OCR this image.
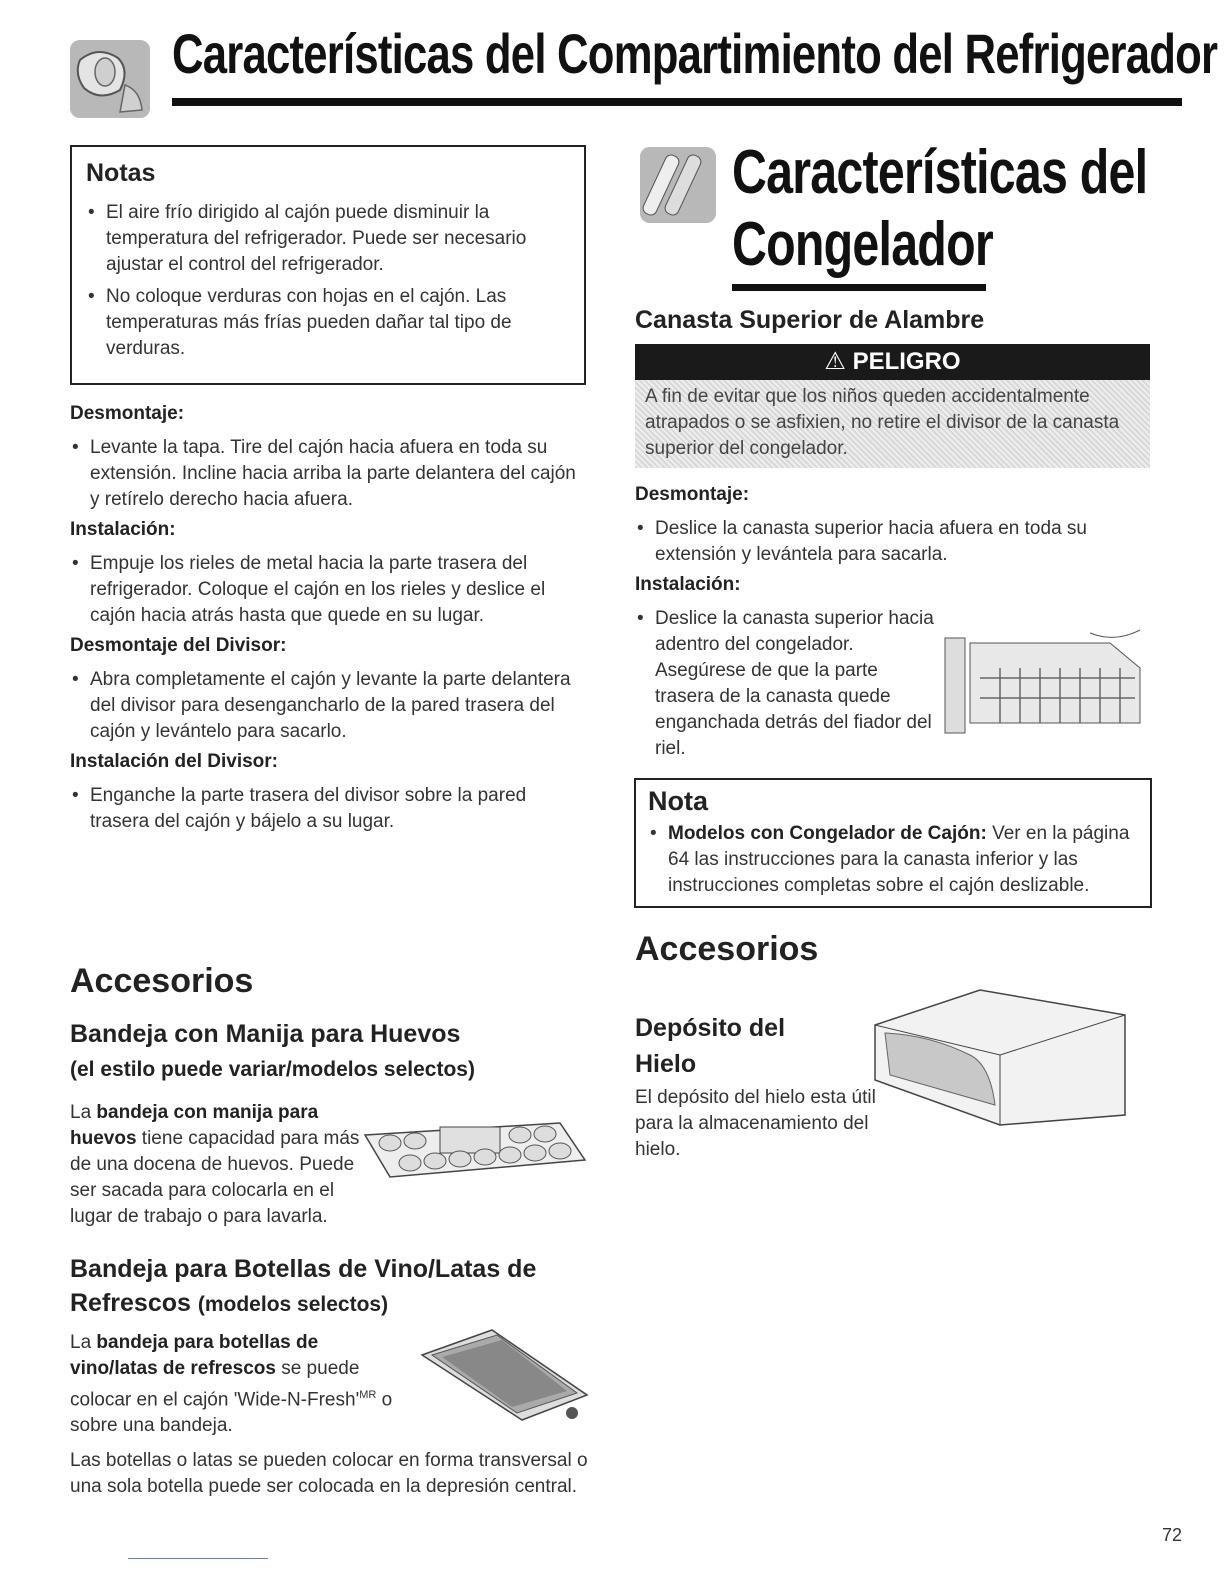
Características del Compartimiento del Refrigerador
Notas
• El aire frío dirigido al cajón puede disminuir la temperatura del refrigerador. Puede ser necesario ajustar el control del refrigerador.
• No coloque verduras con hojas en el cajón. Las temperaturas más frías pueden dañar tal tipo de verduras.
Desmontaje:
• Levante la tapa. Tire del cajón hacia afuera en toda su extensión. Incline hacia arriba la parte delantera del cajón y retírelo derecho hacia afuera.
Instalación:
• Empuje los rieles de metal hacia la parte trasera del refrigerador. Coloque el cajón en los rieles y deslice el cajón hacia atrás hasta que quede en su lugar.
Desmontaje del Divisor:
• Abra completamente el cajón y levante la parte delantera del divisor para desengancharlo de la pared trasera del cajón y levántelo para sacarlo.
Instalación del Divisor:
• Enganche la parte trasera del divisor sobre la pared trasera del cajón y bájelo a su lugar.
Accesorios
Bandeja con Manija para Huevos
(el estilo puede variar/modelos selectos)
La bandeja con manija para huevos tiene capacidad para más de una docena de huevos. Puede ser sacada para colocarla en el lugar de trabajo o para lavarla.
Bandeja para Botellas de Vino/Latas de Refrescos (modelos selectos)
La bandeja para botellas de vino/latas de refrescos se puede colocar en el cajón '$Wide-N-Fresh'^{MR}$ o sobre una bandeja.
Las botellas o latas se pueden colocar en forma transversal o una sola botella puede ser colocada en la depresión central.
Características del
Congelador
Canasta Superior de Alambre
⚠ PELIGRO
A fin de evitar que los niños queden accidentalmente atrapados o se asfixien, no retire el divisor de la canasta superior del congelador.
Desmontaje:
• Deslice la canasta superior hacia afuera en toda su extensión y levántela para sacarla.
Instalación:
• Deslice la canasta superior hacia adentro del congelador. Asegúrese de que la parte trasera de la canasta quede enganchada detrás del fiador del riel.
Nota
• Modelos con Congelador de Cajón: Ver en la página 64 las instrucciones para la canasta inferior y las instrucciones completas sobre el cajón deslizable.
Accesorios
Depósito del Hielo
El depósito del hielo esta útil para la almacenamiento del hielo.
72
